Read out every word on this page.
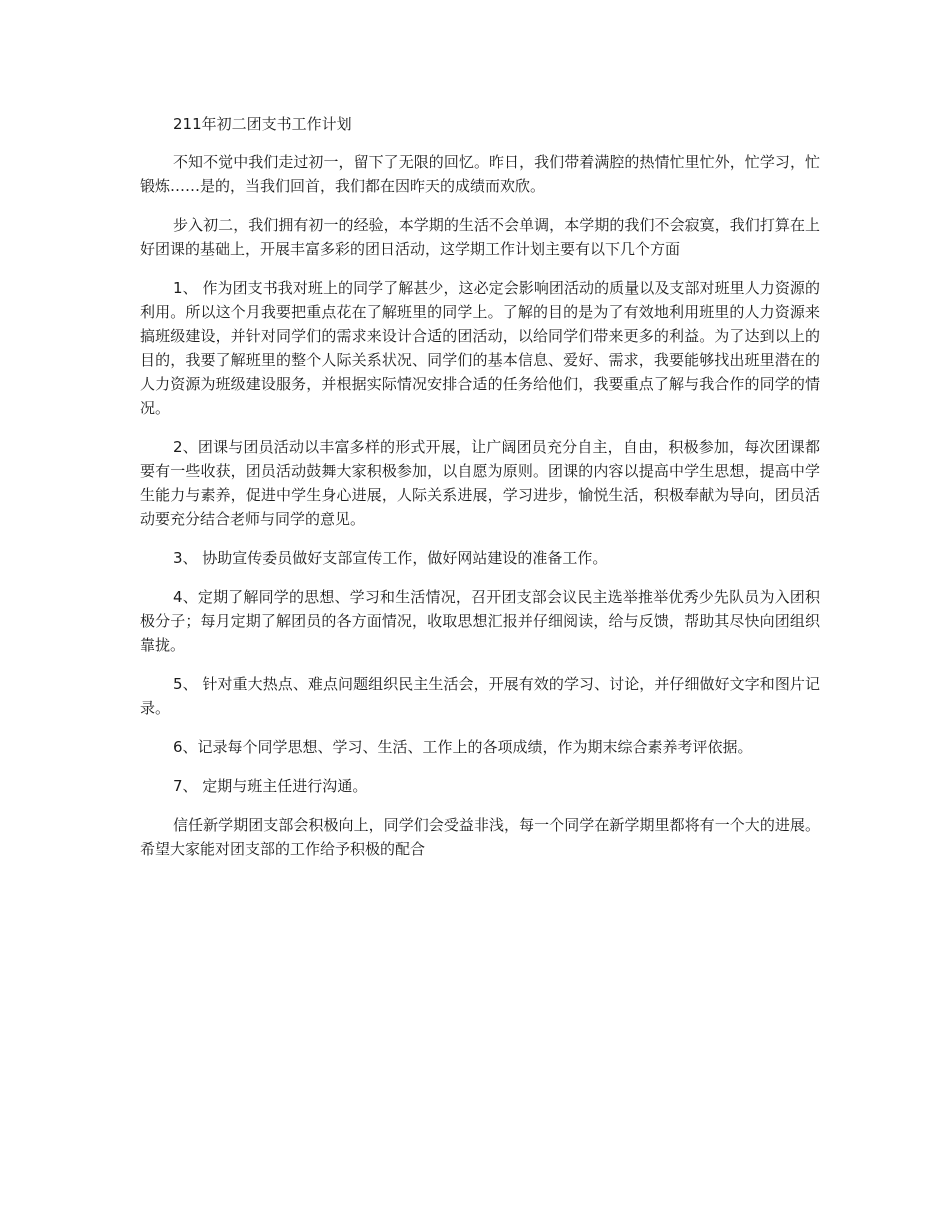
211年初二团支书工作计划

不知不觉中我们走过初一，留下了无限的回忆。昨日，我们带着满腔的热情忙里忙外，忙学习，忙锻炼……是的，当我们回首，我们都在因昨天的成绩而欢欣。

步入初二，我们拥有初一的经验，本学期的生活不会单调，本学期的我们不会寂寞，我们打算在上好团课的基础上，开展丰富多彩的团日活动，这学期工作计划主要有以下几个方面

1、 作为团支书我对班上的同学了解甚少，这必定会影响团活动的质量以及支部对班里人力资源的利用。所以这个月我要把重点花在了解班里的同学上。了解的目的是为了有效地利用班里的人力资源来搞班级建设，并针对同学们的需求来设计合适的团活动，以给同学们带来更多的利益。为了达到以上的目的，我要了解班里的整个人际关系状况、同学们的基本信息、爱好、需求，我要能够找出班里潜在的人力资源为班级建设服务，并根据实际情况安排合适的任务给他们，我要重点了解与我合作的同学的情况。

2、团课与团员活动以丰富多样的形式开展，让广阔团员充分自主，自由，积极参加，每次团课都要有一些收获，团员活动鼓舞大家积极参加，以自愿为原则。团课的内容以提高中学生思想，提高中学生能力与素养，促进中学生身心进展，人际关系进展，学习进步，愉悦生活，积极奉献为导向，团员活动要充分结合老师与同学的意见。

3、 协助宣传委员做好支部宣传工作，做好网站建设的准备工作。

4、定期了解同学的思想、学习和生活情况，召开团支部会议民主选举推举优秀少先队员为入团积极分子；每月定期了解团员的各方面情况，收取思想汇报并仔细阅读，给与反馈，帮助其尽快向团组织靠拢。

5、 针对重大热点、难点问题组织民主生活会，开展有效的学习、讨论，并仔细做好文字和图片记录。

6、记录每个同学思想、学习、生活、工作上的各项成绩，作为期末综合素养考评依据。

7、 定期与班主任进行沟通。

信任新学期团支部会积极向上，同学们会受益非浅，每一个同学在新学期里都将有一个大的进展。希望大家能对团支部的工作给予积极的配合
